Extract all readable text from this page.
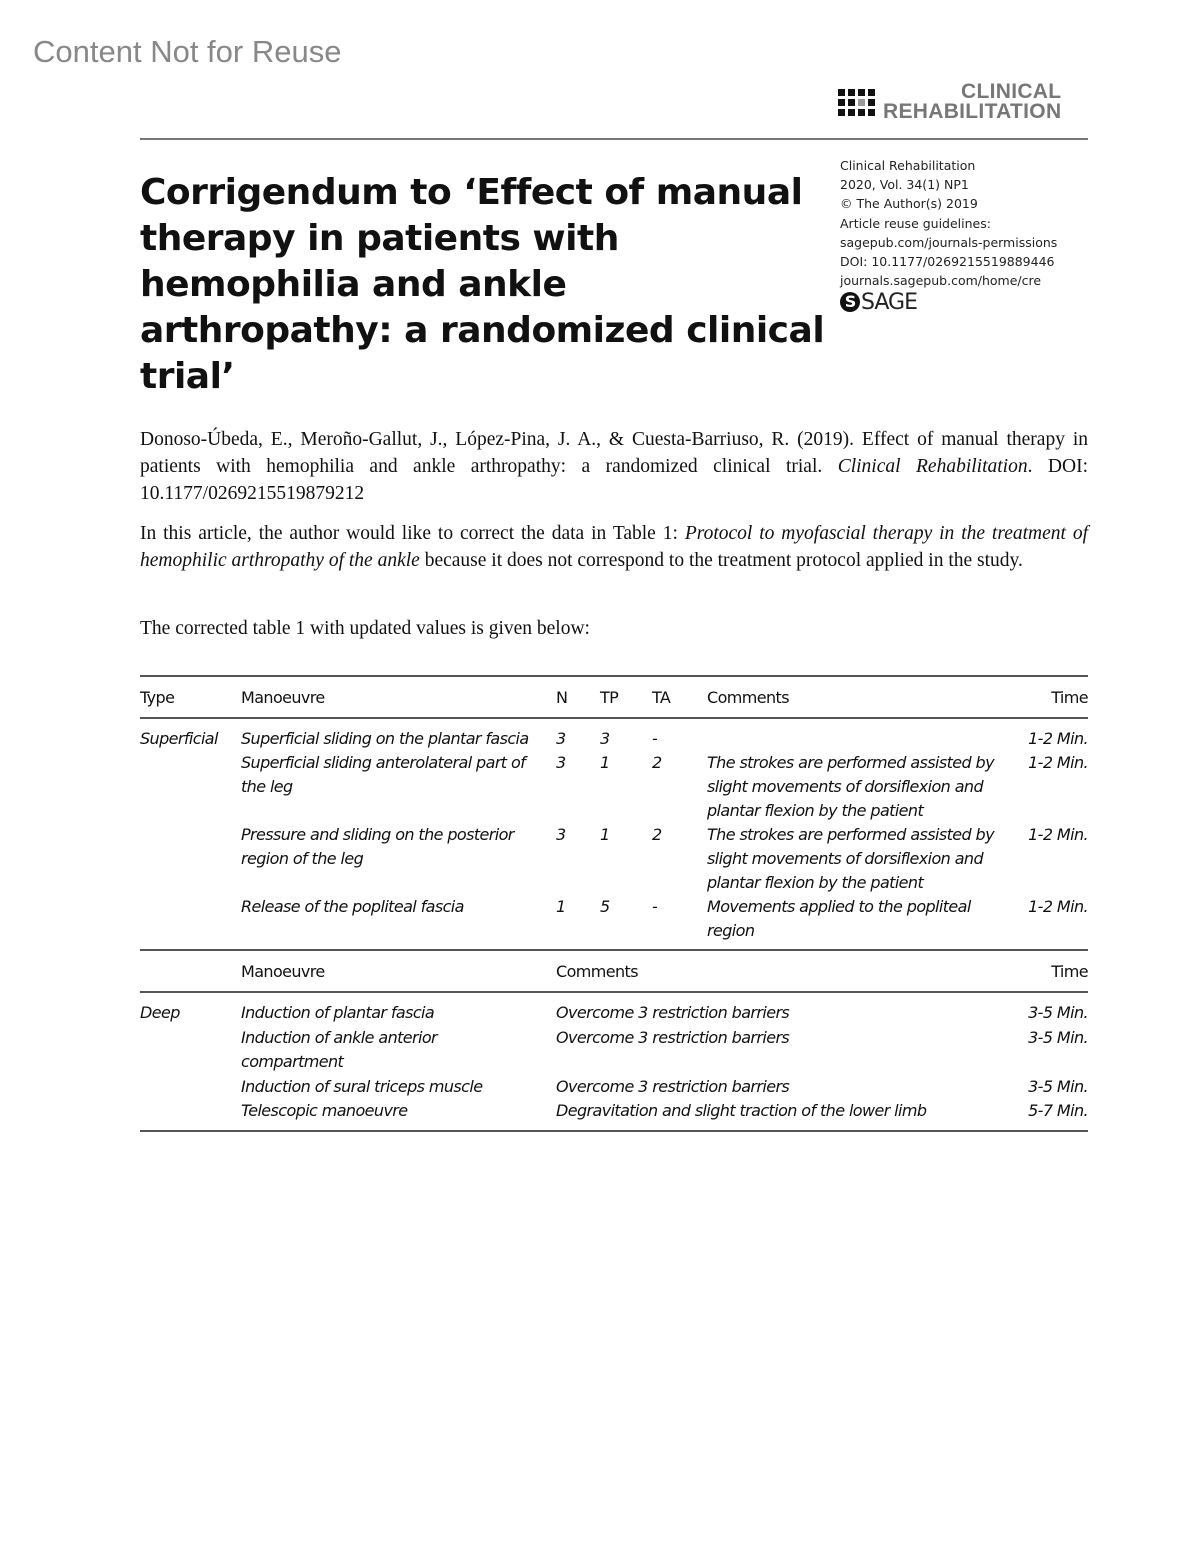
Content Not for Reuse
CLINICAL
REHABILITATION
Corrigendum to ‘Effect of manual therapy in patients with hemophilia and ankle arthropathy: a randomized clinical trial’
Clinical Rehabilitation
2020, Vol. 34(1) NP1
© The Author(s) 2019
Article reuse guidelines:
sagepub.com/journals-permissions
DOI: 10.1177/0269215519889446
journals.sagepub.com/home/cre
S SAGE
Donoso-Úbeda, E., Meroño-Gallut, J., López-Pina, J. A., & Cuesta-Barriuso, R. (2019). Effect of manual therapy in patients with hemophilia and ankle arthropathy: a randomized clinical trial. Clinical Rehabilitation. DOI: 10.1177/0269215519879212
In this article, the author would like to correct the data in Table 1: Protocol to myofascial therapy in the treatment of hemophilic arthropathy of the ankle because it does not correspond to the treatment protocol applied in the study.
The corrected table 1 with updated values is given below:
Type	Manoeuvre	N	TP	TA	Comments	Time
Superficial	Superficial sliding on the plantar fascia	3	3	-		1-2 Min.
	Superficial sliding anterolateral part of the leg	3	1	2	The strokes are performed assisted by slight movements of dorsiflexion and plantar flexion by the patient	1-2 Min.
	Pressure and sliding on the posterior region of the leg	3	1	2	The strokes are performed assisted by slight movements of dorsiflexion and plantar flexion by the patient	1-2 Min.
	Release of the popliteal fascia	1	5	-	Movements applied to the popliteal region	1-2 Min.
	Manoeuvre	Comments	Time
Deep	Induction of plantar fascia	Overcome 3 restriction barriers	3-5 Min.
	Induction of ankle anterior compartment	Overcome 3 restriction barriers	3-5 Min.
	Induction of sural triceps muscle	Overcome 3 restriction barriers	3-5 Min.
	Telescopic manoeuvre	Degravitation and slight traction of the lower limb	5-7 Min.
